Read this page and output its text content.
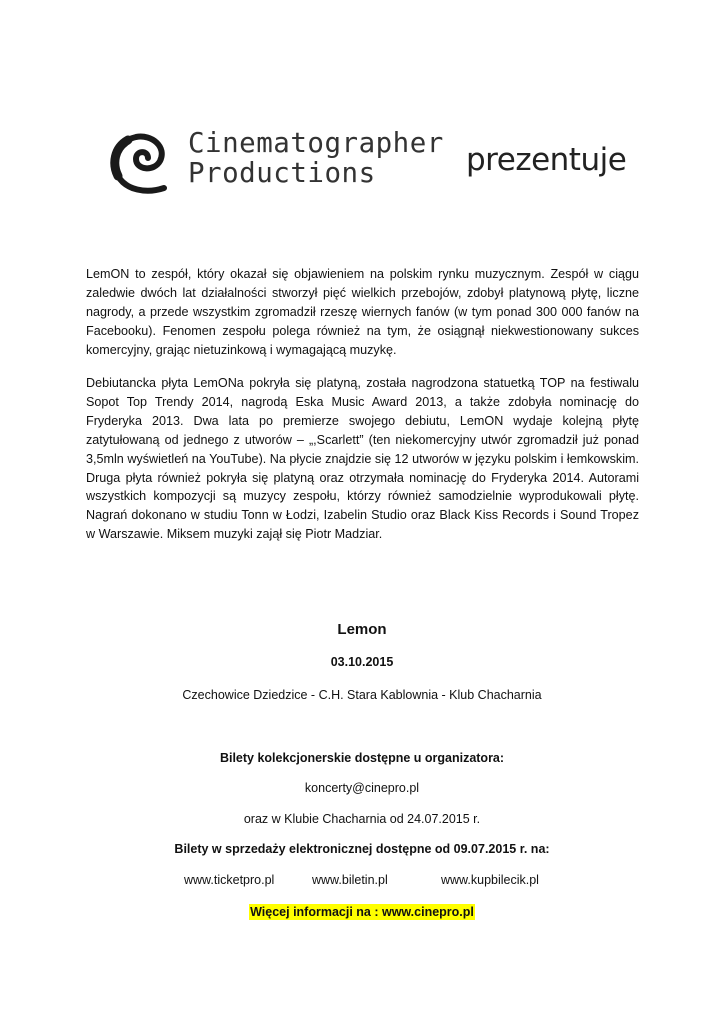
Cinematographer
Productions	prezentuje
LemON to zespół, który okazał się objawieniem na polskim rynku muzycznym. Zespół w ciągu zaledwie dwóch lat działalności stworzył pięć wielkich przebojów, zdobył platynową płytę, liczne nagrody, a przede wszystkim zgromadził rzeszę wiernych fanów (w tym ponad 300 000 fanów na Facebooku). Fenomen zespołu polega również na tym, że osiągnął niekwestionowany sukces komercyjny, grając nietuzinkową i wymagającą muzykę.
Debiutancka płyta LemONa pokryła się platyną, została nagrodzona statuetką TOP na festiwalu Sopot Top Trendy 2014, nagrodą Eska Music Award 2013, a także zdobyła nominację do Fryderyka 2013. Dwa lata po premierze swojego debiutu, LemON wydaje kolejną płytę zatytułowaną od jednego z utworów – „,Scarlett” (ten niekomercyjny utwór zgromadził już ponad 3,5mln wyświetleń na YouTube). Na płycie znajdzie się 12 utworów w języku polskim i łemkowskim. Druga płyta również pokryła się platyną oraz otrzymała nominację do Fryderyka 2014. Autorami wszystkich kompozycji są muzycy zespołu, którzy również samodzielnie wyprodukowali płytę. Nagrań dokonano w studiu Tonn w Łodzi, Izabelin Studio oraz Black Kiss Records i Sound Tropez w Warszawie. Miksem muzyki zajął się Piotr Madziar.
Lemon
03.10.2015
Czechowice Dziedzice - C.H. Stara Kablownia - Klub Chacharnia
Bilety kolekcjonerskie dostępne u organizatora:
koncerty@cinepro.pl
oraz w Klubie Chacharnia od 24.07.2015 r.
Bilety w sprzedaży elektronicznej dostępne od 09.07.2015 r. na:
www.ticketpro.pl	www.biletin.pl	www.kupbilecik.pl
Więcej informacji na : www.cinepro.pl
